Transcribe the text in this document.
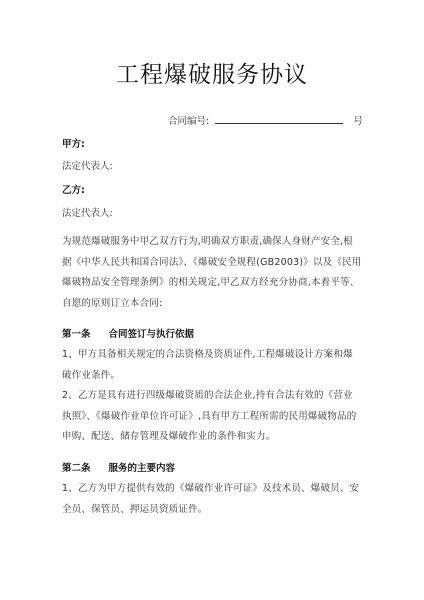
工程爆破服务协议
合同编号:	号
甲方:
法定代表人:
乙方:
法定代表人:
为规范爆破服务中甲乙双方行为,明确双方职责,确保人身财产安全,根据《中华人民共和国合同法》、《爆破安全规程(GB2003)》以及《民用爆破物品安全管理条例》的相关规定,甲乙双方经充分协商,本着平等、自愿的原则订立本合同:
第一条 合同签订与执行依据
1、甲方具备相关规定的合法资格及资质证件,工程爆破设计方案和爆破作业条件。
2、乙方是具有进行四级爆破资质的合法企业,持有合法有效的《营业执照》、《爆破作业单位许可证》,具有甲方工程所需的民用爆破物品的申购、配送、储存管理及爆破作业的条件和实力。
第二条 服务的主要内容
1、乙方为甲方提供有效的《爆破作业许可证》及技术员、爆破员、安全员、保管员、押运员资质证件。
